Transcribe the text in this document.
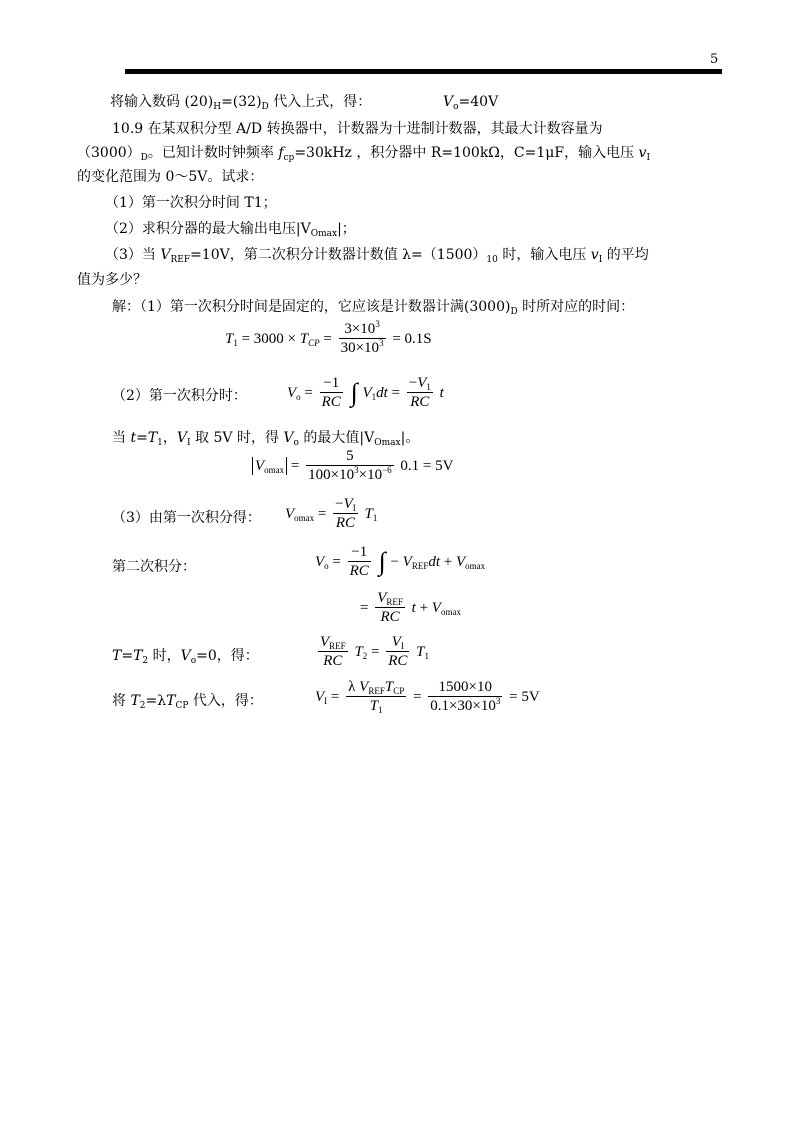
5
将输入数码 $(20)_H=(32)_D$ 代入上式，得：	$V_o=40V$
10.9 在某双积分型 A/D 转换器中，计数器为十进制计数器，其最大计数容量为
$(3000)_D$。已知计数时钟频率 $f_{cp}=30kHz$ ，积分器中 R=100kΩ，C=1μF，输入电压 $v_I$
的变化范围为 0～5V。试求：
（1）第一次积分时间 T1；
（2）求积分器的最大输出电压$|V_{Omax}|$；
（3）当 $V_{REF}=10V$，第二次积分计数器计数值 $\lambda=(1500)_{10}$ 时，输入电压 $v_I$ 的平均
值为多少？
解：（1）第一次积分时间是固定的，它应该是计数器计满$(3000)_D$ 时所对应的时间：
$T_1 = 3000 \times T_{CP} = \frac{3\times 10^3}{30\times 10^3} = 0.1S$
（2）第一次积分时：	$V_o = \frac{-1}{RC}$ ∫ $V_1dt = \frac{-V_1}{RC}$ t
当 $t=T_1$，$V_I$ 取 5V 时，得 $V_o$ 的最大值$|V_{Omax}|$。
$V_{omax} = \frac{5}{100\times 10^3\times 10^{-6}} 0.1 = 5V$
（3）由第一次积分得： $V_{omax} = \frac{-V_I}{RC} T_1$
第二次积分：	$V_o = \frac{-1}{RC}$ ∫ − $V_{REF}dt + V_{omax}$
=
$V_{REF}$
RC
$t + V_{omax}$
$T=T_2$ 时，$V_o=0$，得：
$V_{REF}$
RC
$T_2 = \frac{V_I}{RC} T_1$
将 $T_2=\lambda T_{CP}$ 代入，得：	$V_I$ =
λ $V_{REF}T_{CP}$
$T_1$
= $\frac{1500\times 10}{0.1\times 30\times 10^3} = 5V$
